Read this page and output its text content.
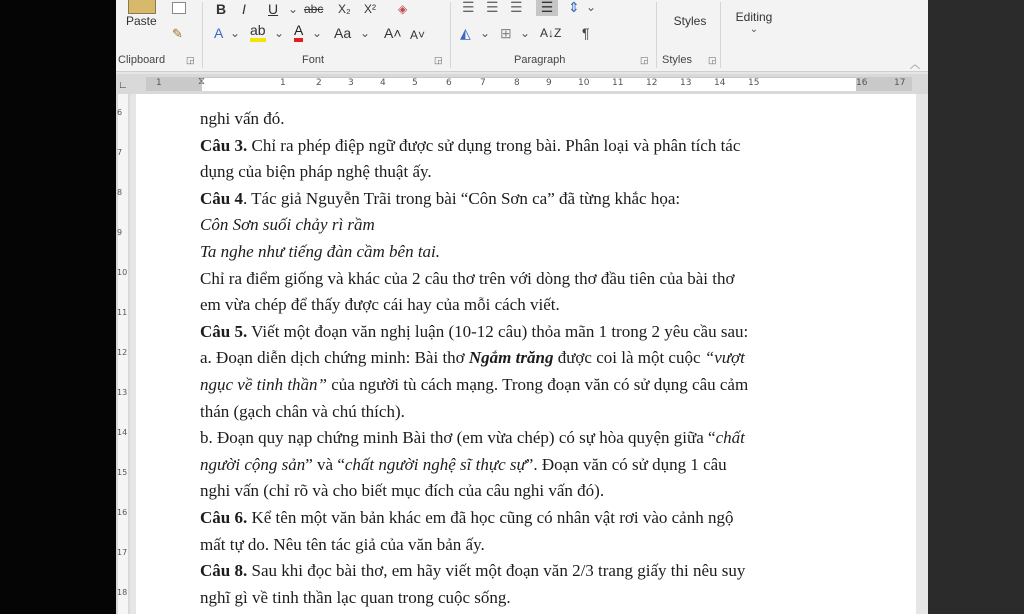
Paste
✎
Clipboard ◲
B I U ⌄ abc X₂ X² ◈
A ⌄ ab ⌄ A ⌄ Aa ⌄ A˄ A˅
Font	◲
☰ ☰ ☰	☰	⇕ ⌄
◭ ⌄ ⊞ ⌄ A↓Z ¶
Paragraph	◲
Styles
Styles ◲
Editing
⌄
︿
∟	⧖
1	1	2	3	4	5	6	7	8	9	10	11	12	13	14	15	16	17
6
7
8
9
10
11
12
13
14
15
16
17
18

nghi vấn đó.

Câu 3. Chỉ ra phép điệp ngữ được sử dụng trong bài. Phân loại và phân tích tác

dụng của biện pháp nghệ thuật ấy.

Câu 4. Tác giả Nguyễn Trãi trong bài “Côn Sơn ca” đã từng khắc họa:

Côn Sơn suối chảy rì rầm

Ta nghe như tiếng đàn cầm bên tai.

Chỉ ra điểm giống và khác của 2 câu thơ trên với dòng thơ đầu tiên của bài thơ

em vừa chép để thấy được cái hay của mỗi cách viết.

Câu 5. Viết một đoạn văn nghị luận (10-12 câu) thỏa mãn 1 trong 2 yêu cầu sau:

a. Đoạn diễn dịch chứng minh: Bài thơ Ngắm trăng được coi là một cuộc “vượt

ngục về tinh thần” của người tù cách mạng. Trong đoạn văn có sử dụng câu cảm

thán (gạch chân và chú thích).

b. Đoạn quy nạp chứng minh Bài thơ (em vừa chép) có sự hòa quyện giữa “chất

người cộng sản” và “chất người nghệ sĩ thực sự”. Đoạn văn có sử dụng 1 câu

nghi vấn (chỉ rõ và cho biết mục đích của câu nghi vấn đó).

Câu 6. Kể tên một văn bản khác em đã học cũng có nhân vật rơi vào cảnh ngộ

mất tự do. Nêu tên tác giả của văn bản ấy.

Câu 8. Sau khi đọc bài thơ, em hãy viết một đoạn văn 2/3 trang giấy thi nêu suy

nghĩ gì về tinh thần lạc quan trong cuộc sống.
